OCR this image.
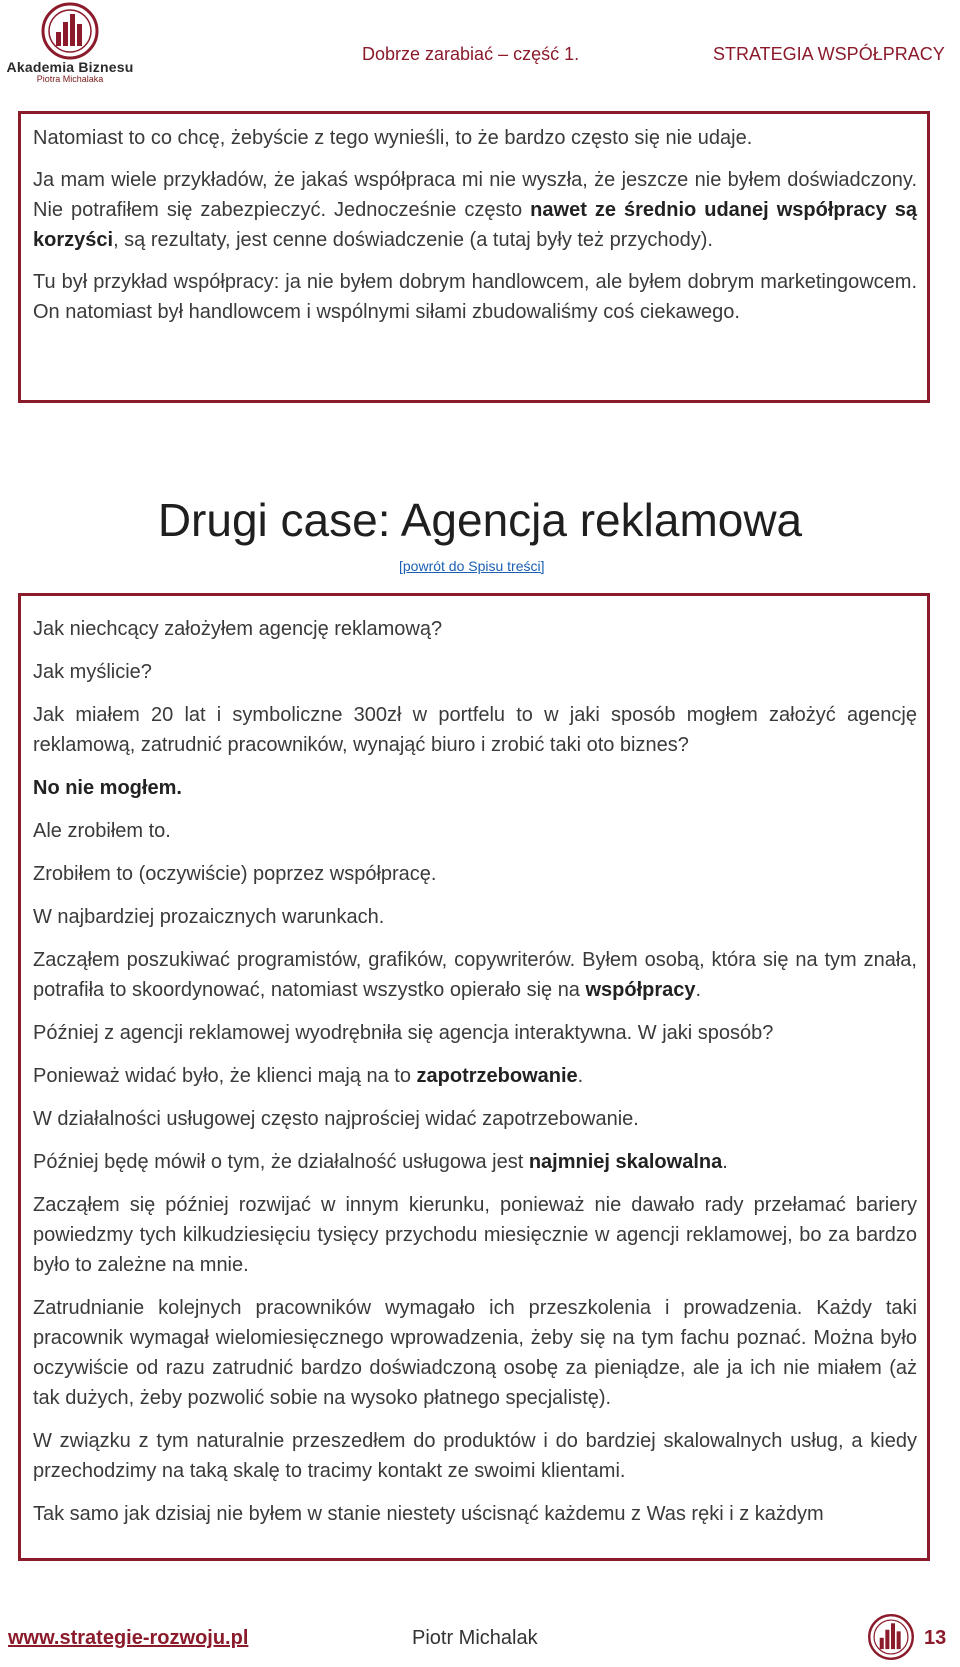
Akademia Biznesu
Piotra Michalaka
Dobrze zarabiać – część 1.	STRATEGIA WSPÓŁPRACY

Natomiast to co chcę, żebyście z tego wynieśli, to że bardzo często się nie udaje.

Ja mam wiele przykładów, że jakaś współpraca mi nie wyszła, że jeszcze nie byłem doświadczony. Nie potrafiłem się zabezpieczyć. Jednocześnie często nawet ze średnio udanej współpracy są korzyści, są rezultaty, jest cenne doświadczenie (a tutaj były też przychody).

Tu był przykład współpracy: ja nie byłem dobrym handlowcem, ale byłem dobrym marketingowcem. On natomiast był handlowcem i wspólnymi siłami zbudowaliśmy coś ciekawego.

Drugi case: Agencja reklamowa
[powrót do Spisu treści]

Jak niechcący założyłem agencję reklamową?

Jak myślicie?

Jak miałem 20 lat i symboliczne 300zł w portfelu to w jaki sposób mogłem założyć agencję reklamową, zatrudnić pracowników, wynająć biuro i zrobić taki oto biznes?

No nie mogłem.

Ale zrobiłem to.

Zrobiłem to (oczywiście) poprzez współpracę.

W najbardziej prozaicznych warunkach.

Zacząłem poszukiwać programistów, grafików, copywriterów. Byłem osobą, która się na tym znała, potrafiła to skoordynować, natomiast wszystko opierało się na współpracy.

Później z agencji reklamowej wyodrębniła się agencja interaktywna. W jaki sposób?

Ponieważ widać było, że klienci mają na to zapotrzebowanie.

W działalności usługowej często najprościej widać zapotrzebowanie.

Później będę mówił o tym, że działalność usługowa jest najmniej skalowalna.

Zacząłem się później rozwijać w innym kierunku, ponieważ nie dawało rady przełamać bariery powiedzmy tych kilkudziesięciu tysięcy przychodu miesięcznie w agencji reklamowej, bo za bardzo było to zależne na mnie.

Zatrudnianie kolejnych pracowników wymagało ich przeszkolenia i prowadzenia. Każdy taki pracownik wymagał wielomiesięcznego wprowadzenia, żeby się na tym fachu poznać. Można było oczywiście od razu zatrudnić bardzo doświadczoną osobę za pieniądze, ale ja ich nie miałem (aż tak dużych, żeby pozwolić sobie na wysoko płatnego specjalistę).

W związku z tym naturalnie przeszedłem do produktów i do bardziej skalowalnych usług, a kiedy przechodzimy na taką skalę to tracimy kontakt ze swoimi klientami.

Tak samo jak dzisiaj nie byłem w stanie niestety uścisnąć każdemu z Was ręki i z każdym

www.strategie-rozwoju.pl	Piotr Michalak	13
